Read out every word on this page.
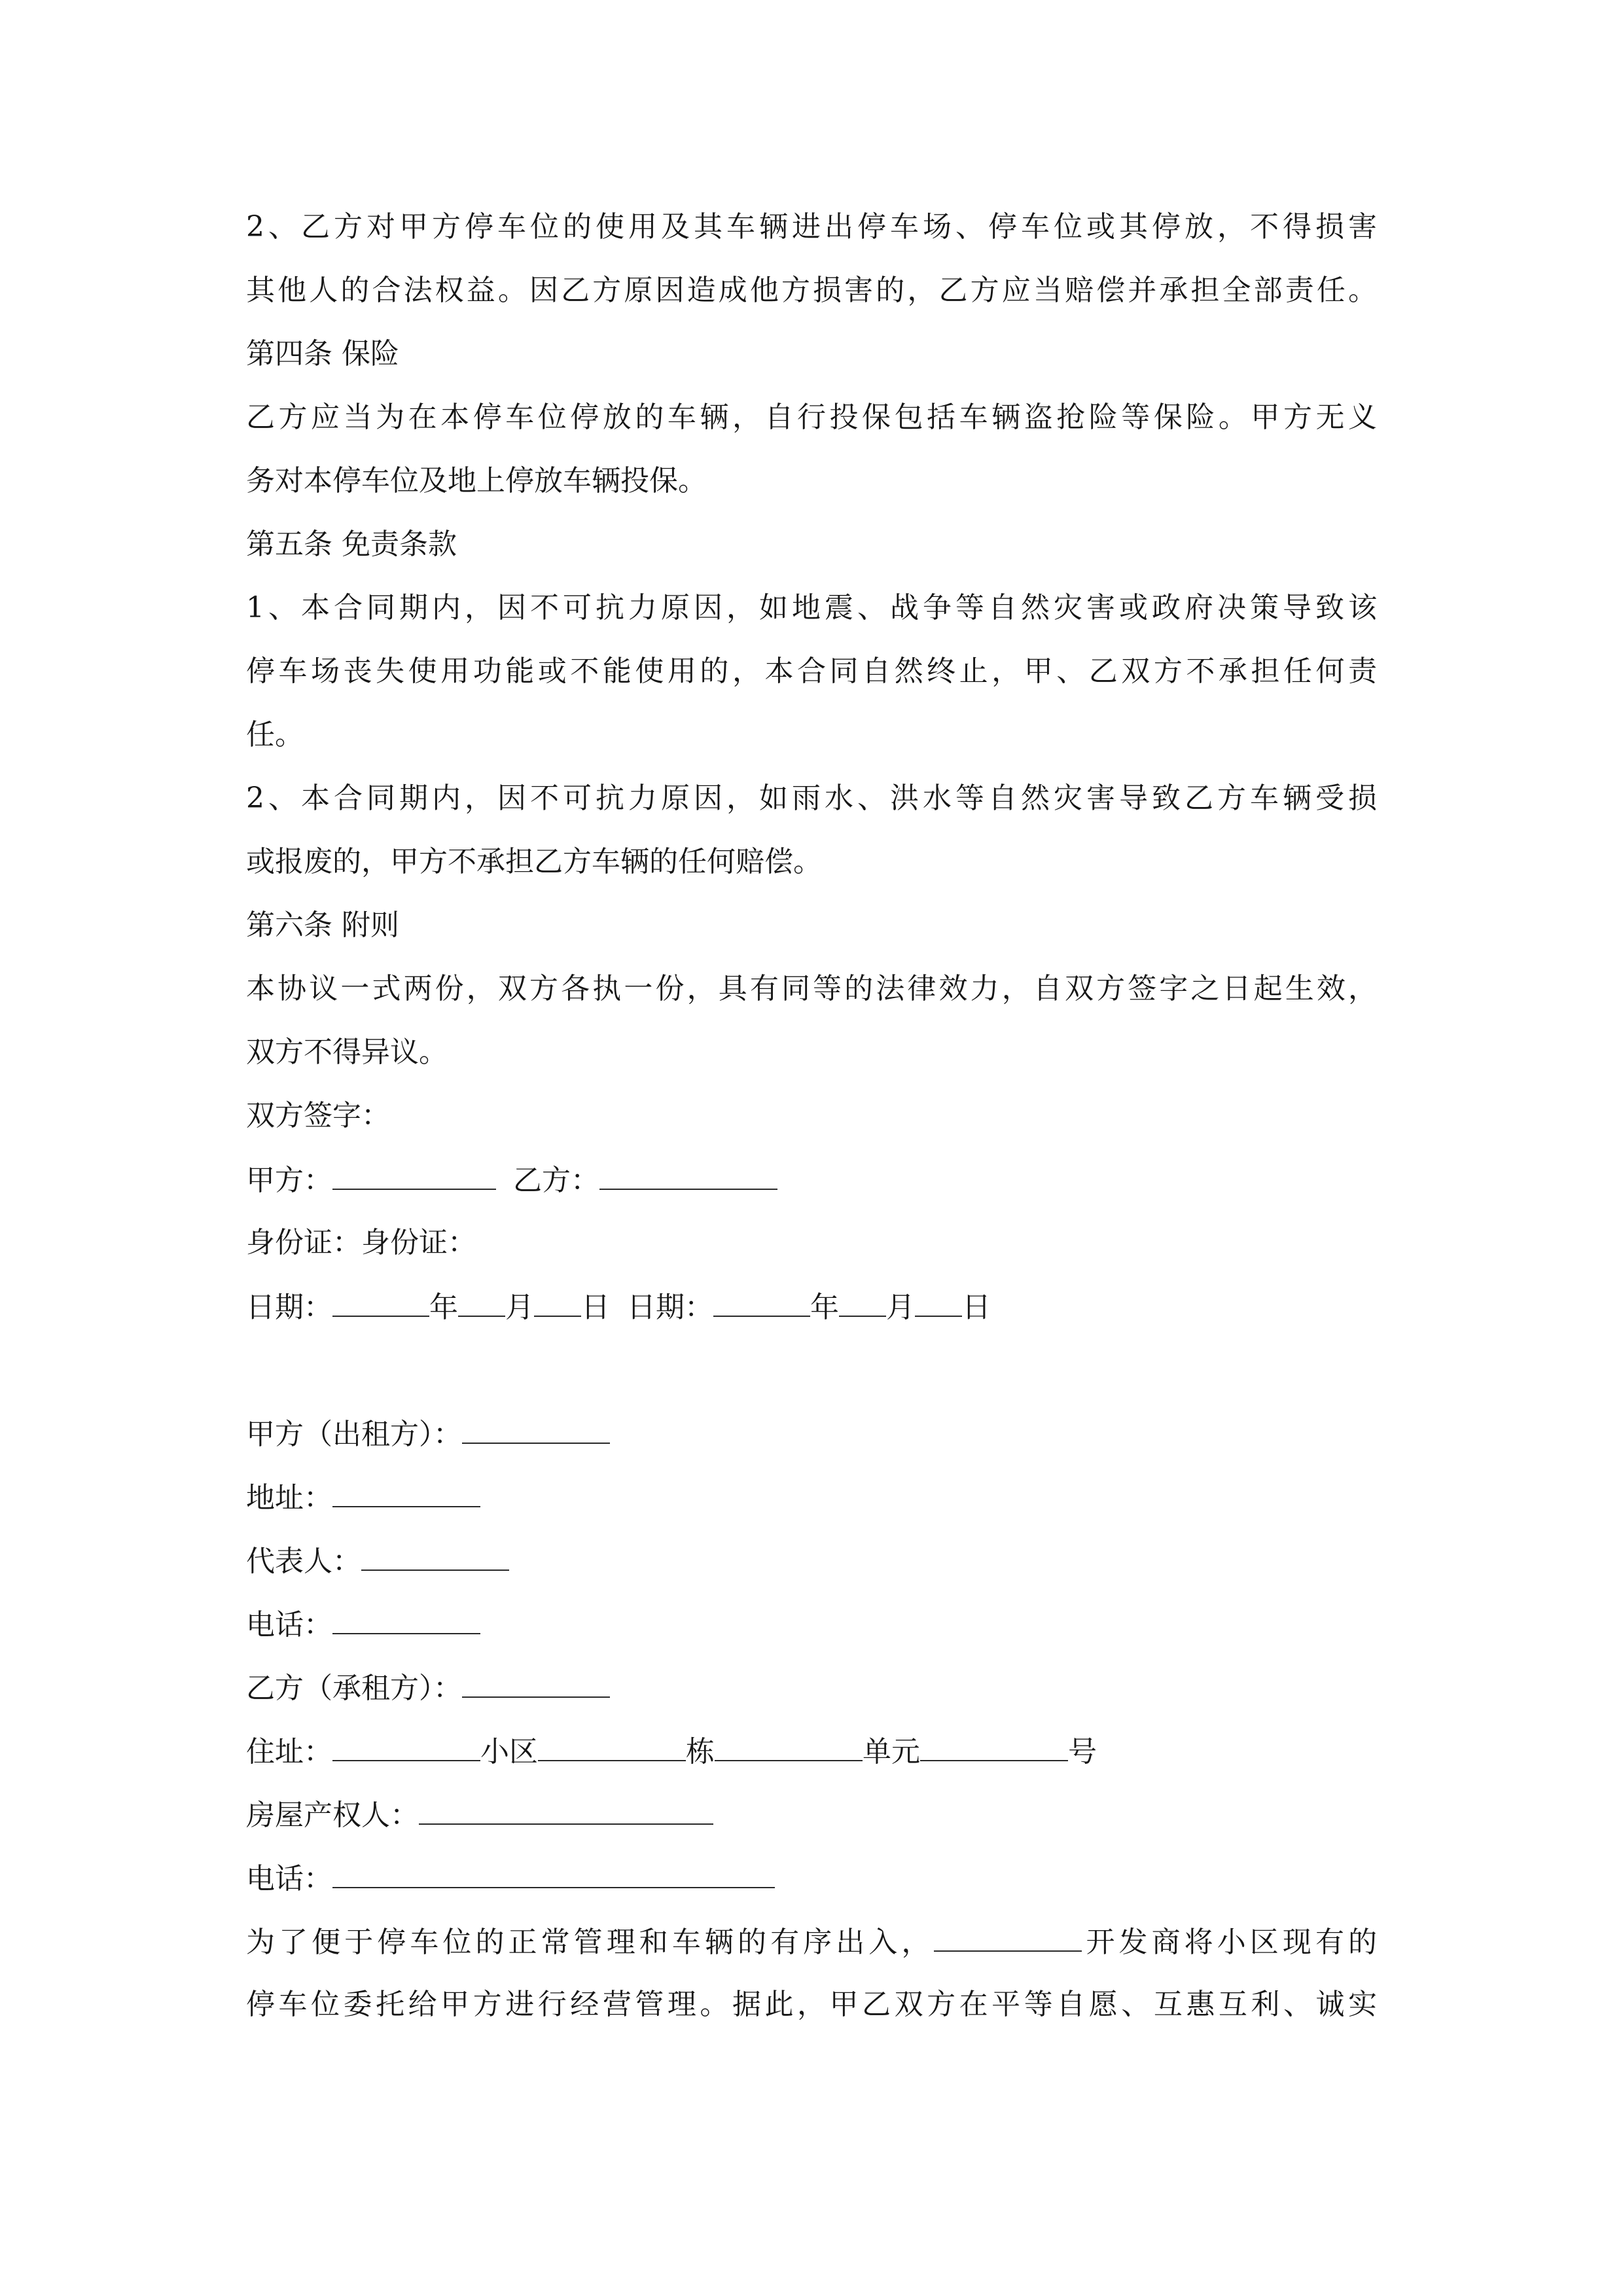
2、乙方对甲方停车位的使用及其车辆进出停车场、停车位或其停放，不得损害
其他人的合法权益。因乙方原因造成他方损害的，乙方应当赔偿并承担全部责任。
第四条 保险
乙方应当为在本停车位停放的车辆，自行投保包括车辆盗抢险等保险。甲方无义
务对本停车位及地上停放车辆投保。
第五条 免责条款
1、本合同期内，因不可抗力原因，如地震、战争等自然灾害或政府决策导致该
停车场丧失使用功能或不能使用的，本合同自然终止，甲、乙双方不承担任何责
任。
2、本合同期内，因不可抗力原因，如雨水、洪水等自然灾害导致乙方车辆受损
或报废的，甲方不承担乙方车辆的任何赔偿。
第六条 附则
本协议一式两份，双方各执一份，具有同等的法律效力，自双方签字之日起生效，
双方不得异议。
双方签字：
甲方：	乙方：
身份证：身份证：
日期：	年 月 日 日期：	年 月 日
甲方（出租方）：
地址：
代表人：
电话：
乙方（承租方）：
住址：	小区	栋	单元	号
房屋产权人：
电话：
为了便于停车位的正常管理和车辆的有序出入，	开发商将小区现有的
停车位委托给甲方进行经营管理。据此，甲乙双方在平等自愿、互惠互利、诚实
